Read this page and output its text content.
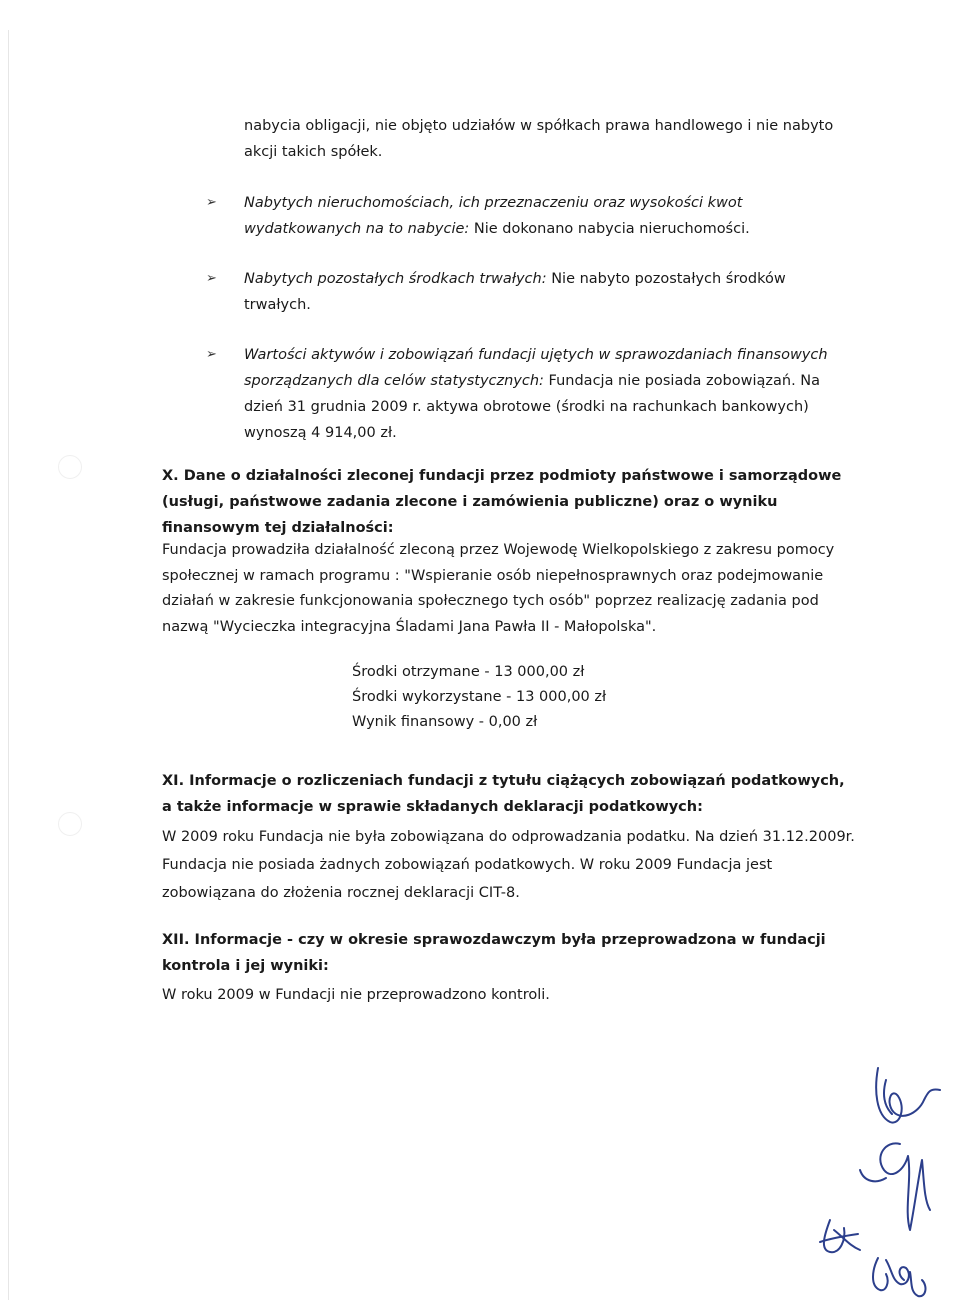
nabycia obligacji, nie objęto udziałów w spółkach prawa handlowego i nie nabyto
akcji takich spółek.
➢ Nabytych nieruchomościach, ich przeznaczeniu oraz wysokości kwot
wydatkowanych na to nabycie: Nie dokonano nabycia nieruchomości.
➢ Nabytych pozostałych środkach trwałych: Nie nabyto pozostałych środków
trwałych.
➢ Wartości aktywów i zobowiązań fundacji ujętych w sprawozdaniach finansowych
sporządzanych dla celów statystycznych: Fundacja nie posiada zobowiązań. Na
dzień 31 grudnia 2009 r. aktywa obrotowe (środki na rachunkach bankowych)
wynoszą 4 914,00 zł.
X. Dane o działalności zleconej fundacji przez podmioty państwowe i samorządowe
(usługi, państwowe zadania zlecone i zamówienia publiczne) oraz o wyniku
finansowym tej działalności:
Fundacja prowadziła działalność zleconą przez Wojewodę Wielkopolskiego z zakresu pomocy
społecznej w ramach programu : "Wspieranie osób niepełnosprawnych oraz podejmowanie
działań w zakresie funkcjonowania społecznego tych osób" poprzez realizację zadania pod
nazwą "Wycieczka integracyjna Śladami Jana Pawła II - Małopolska".
Środki otrzymane - 13 000,00 zł
Środki wykorzystane - 13 000,00 zł
Wynik finansowy - 0,00 zł
XI. Informacje o rozliczeniach fundacji z tytułu ciążących zobowiązań podatkowych,
a także informacje w sprawie składanych deklaracji podatkowych:
W 2009 roku Fundacja nie była zobowiązana do odprowadzania podatku. Na dzień 31.12.2009r.
Fundacja nie posiada żadnych zobowiązań podatkowych. W roku 2009 Fundacja jest
zobowiązana do złożenia rocznej deklaracji CIT-8.
XII. Informacje - czy w okresie sprawozdawczym była przeprowadzona w fundacji
kontrola i jej wyniki:
W roku 2009 w Fundacji nie przeprowadzono kontroli.
